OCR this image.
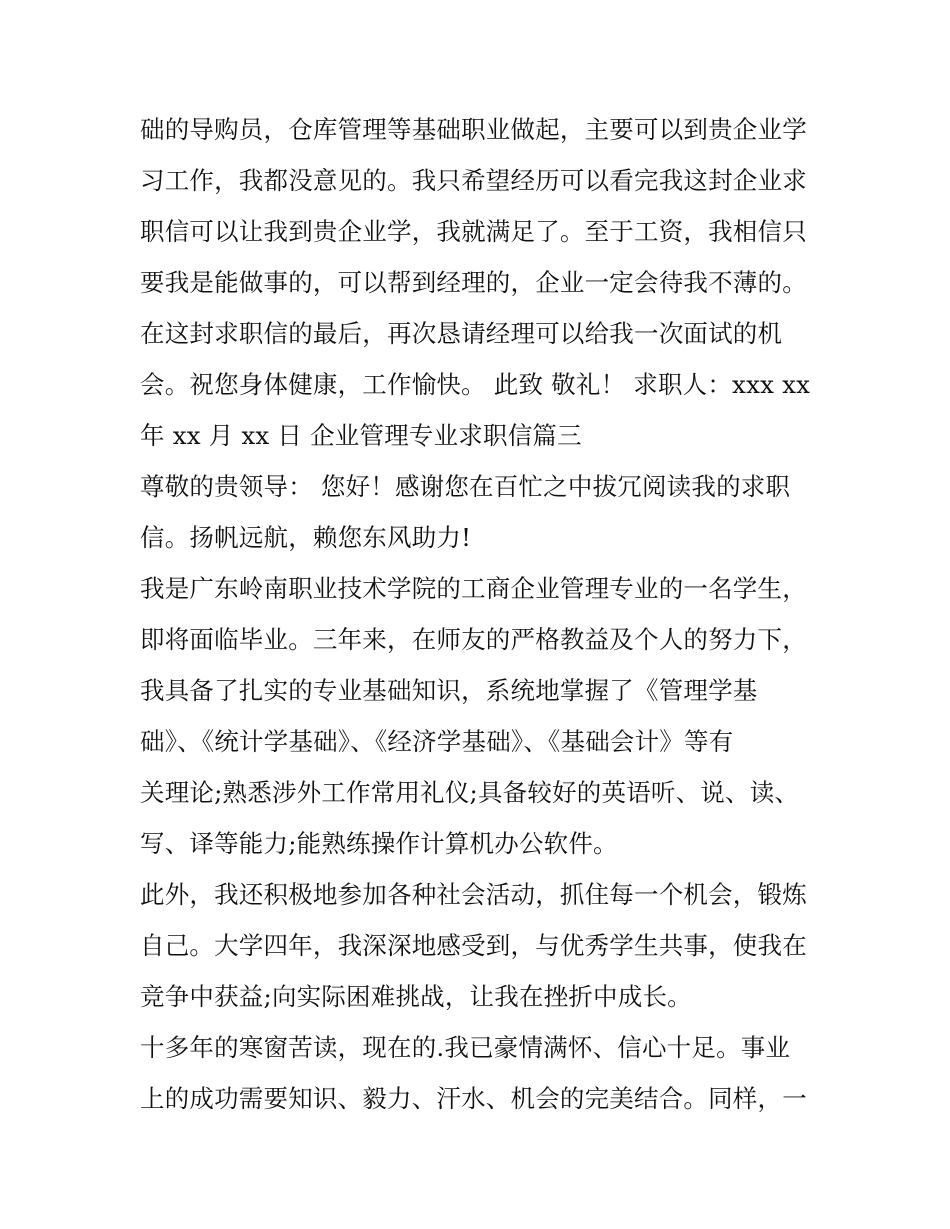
础的导购员，仓库管理等基础职业做起，主要可以到贵企业学
习工作，我都没意见的。我只希望经历可以看完我这封企业求
职信可以让我到贵企业学，我就满足了。至于工资，我相信只
要我是能做事的，可以帮到经理的，企业一定会待我不薄的。
在这封求职信的最后，再次恳请经理可以给我一次面试的机
会。祝您身体健康，工作愉快。 此致 敬礼！ 求职人：xxx xx
年 xx 月 xx 日 企业管理专业求职信篇三
尊敬的贵领导： 您好！感谢您在百忙之中拔冗阅读我的求职
信。扬帆远航，赖您东风助力!
我是广东岭南职业技术学院的工商企业管理专业的一名学生，
即将面临毕业。三年来，在师友的严格教益及个人的努力下，
我具备了扎实的专业基础知识，系统地掌握了《管理学基
础》、《统计学基础》、《经济学基础》、《基础会计》等有
关理论;熟悉涉外工作常用礼仪;具备较好的英语听、说、读、
写、译等能力;能熟练操作计算机办公软件。
此外，我还积极地参加各种社会活动，抓住每一个机会，锻炼
自己。大学四年，我深深地感受到，与优秀学生共事，使我在
竞争中获益;向实际困难挑战，让我在挫折中成长。
十多年的寒窗苦读，现在的.我已豪情满怀、信心十足。事业
上的成功需要知识、毅力、汗水、机会的完美结合。同样，一
